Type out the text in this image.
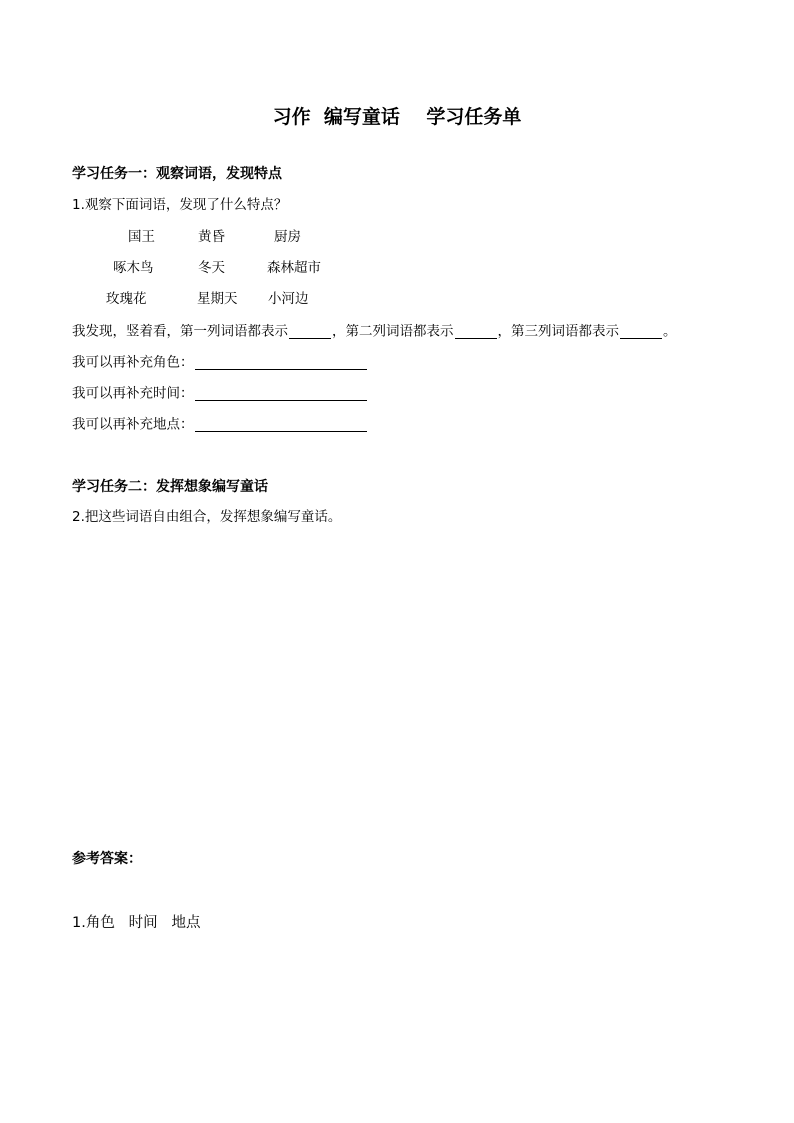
习作  编写童话    学习任务单
学习任务一：观察词语，发现特点
1.观察下面词语，发现了什么特点？
国王	黄昏	厨房
啄木鸟	冬天	森林超市
玫瑰花	星期天 小河边
我发现，竖着看，第一列词语都表示	，第二列词语都表示	，第三列词语都表示	。
我可以再补充角色：
我可以再补充时间：
我可以再补充地点：
学习任务二：发挥想象编写童话
2.把这些词语自由组合，发挥想象编写童话。
参考答案：
1.角色   时间   地点
